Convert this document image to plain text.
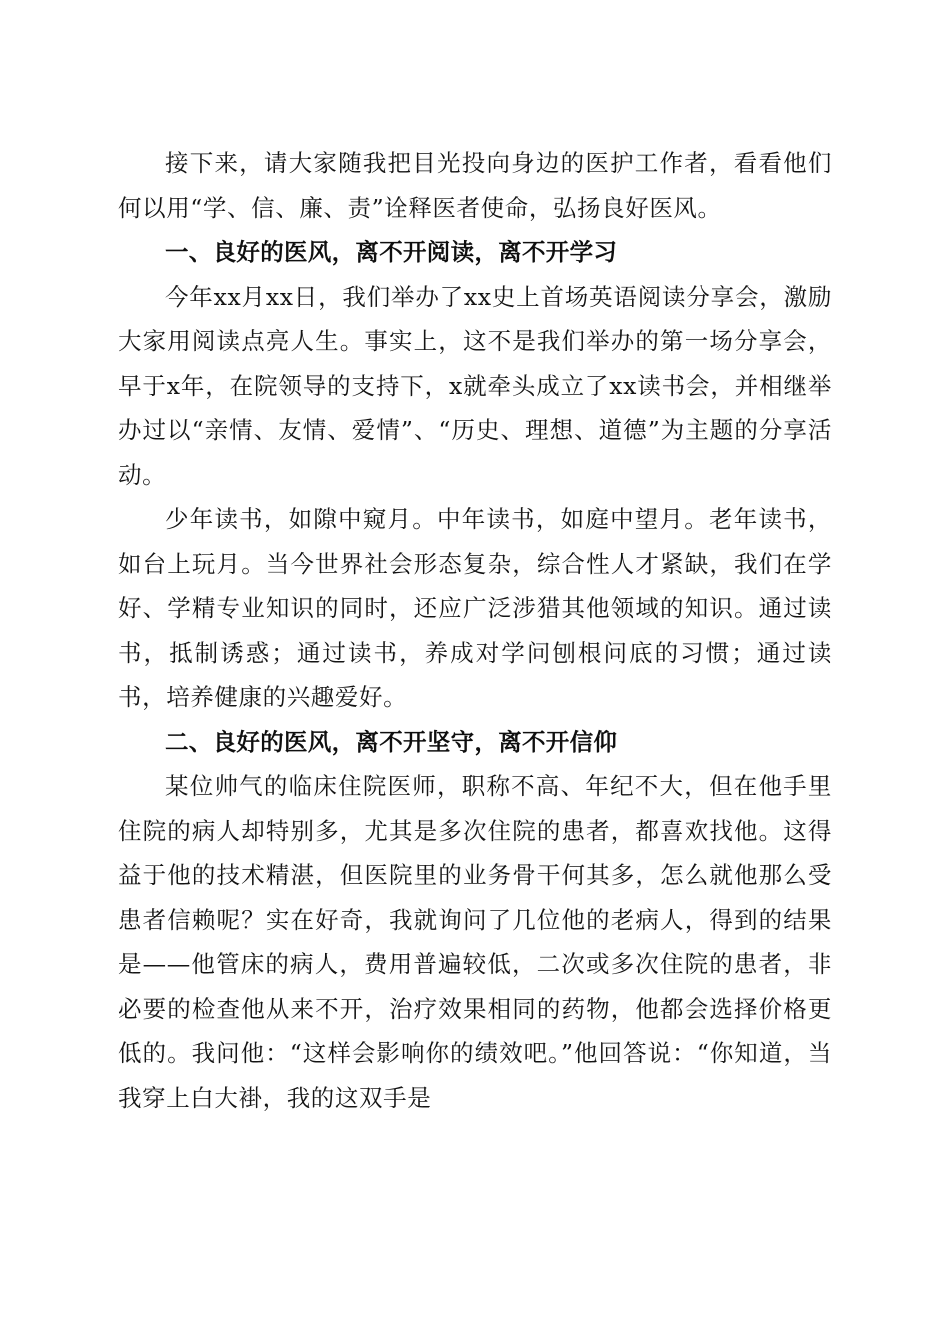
接下来，请大家随我把目光投向身边的医护工作者，看看他们何以用“学、信、廉、责”诠释医者使命，弘扬良好医风。

一、良好的医风，离不开阅读，离不开学习

今年xx月xx日，我们举办了xx史上首场英语阅读分享会，激励大家用阅读点亮人生。事实上，这不是我们举办的第一场分享会，早于x年，在院领导的支持下，x就牵头成立了xx读书会，并相继举办过以“亲情、友情、爱情”、“历史、理想、道德”为主题的分享活动。

少年读书，如隙中窥月。中年读书，如庭中望月。老年读书，如台上玩月。当今世界社会形态复杂，综合性人才紧缺，我们在学好、学精专业知识的同时，还应广泛涉猎其他领域的知识。通过读书，抵制诱惑；通过读书，养成对学问刨根问底的习惯；通过读书，培养健康的兴趣爱好。

二、良好的医风，离不开坚守，离不开信仰

某位帅气的临床住院医师，职称不高、年纪不大，但在他手里住院的病人却特别多，尤其是多次住院的患者，都喜欢找他。这得益于他的技术精湛，但医院里的业务骨干何其多，怎么就他那么受患者信赖呢？实在好奇，我就询问了几位他的老病人，得到的结果是——他管床的病人，费用普遍较低，二次或多次住院的患者，非必要的检查他从来不开，治疗效果相同的药物，他都会选择价格更低的。我问他：“这样会影响你的绩效吧。”他回答说：“你知道，当我穿上白大褂，我的这双手是
